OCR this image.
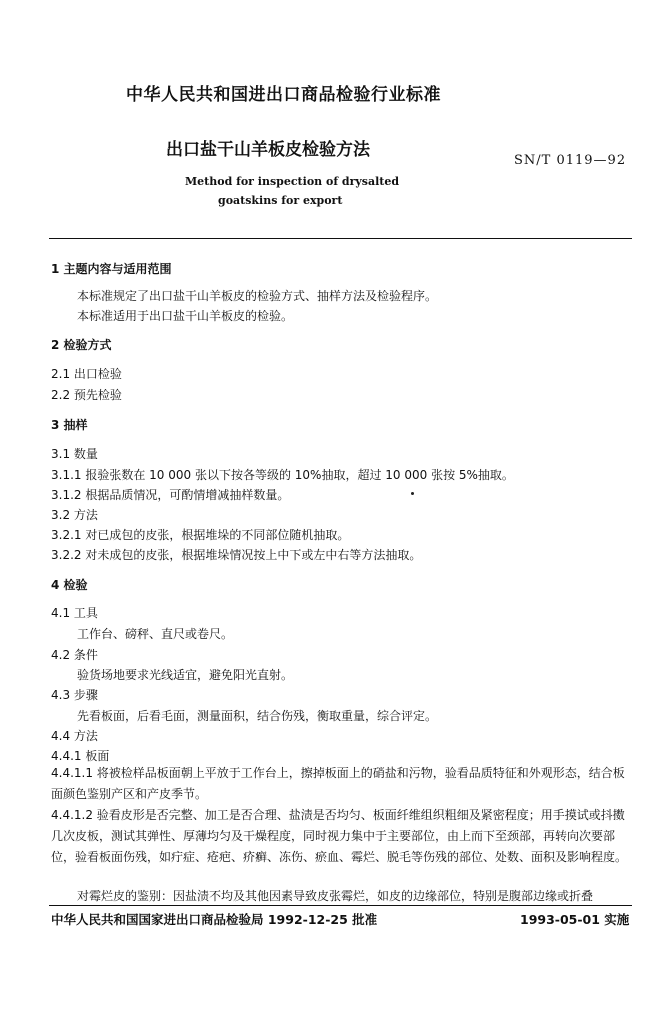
中华人民共和国进出口商品检验行业标准
出口盐干山羊板皮检验方法
SN/T 0119—92
Method for inspection of drysalted
goatskins for export
1 主题内容与适用范围
本标准规定了出口盐干山羊板皮的检验方式、抽样方法及检验程序。
本标准适用于出口盐干山羊板皮的检验。
2 检验方式
2.1 出口检验
2.2 预先检验
3 抽样
3.1 数量
3.1.1 报验张数在 10 000 张以下按各等级的 10%抽取，超过 10 000 张按 5%抽取。
3.1.2 根据品质情况，可酌情增减抽样数量。
3.2 方法
3.2.1 对已成包的皮张，根据堆垛的不同部位随机抽取。
3.2.2 对未成包的皮张，根据堆垛情况按上中下或左中右等方法抽取。
4 检验
4.1 工具
工作台、磅秤、直尺或卷尺。
4.2 条件
验货场地要求光线适宜，避免阳光直射。
4.3 步骤
先看板面，后看毛面，测量面积，结合伤残，衡取重量，综合评定。
4.4 方法
4.4.1 板面
4.4.1.1 将被检样品板面朝上平放于工作台上，擦掉板面上的硝盐和污物，验看品质特征和外观形态，结合板面颜色鉴别产区和产皮季节。
4.4.1.2 验看皮形是否完整、加工是否合理、盐渍是否均匀、板面纤维组织粗细及紧密程度；用手摸试或抖擞几次皮板，测试其弹性、厚薄均匀及干燥程度，同时视力集中于主要部位，由上而下至颈部，再转向次要部位，验看板面伤残，如疔症、疮疤、疥癣、冻伤、瘀血、霉烂、脱毛等伤残的部位、处数、面积及影响程度。
对霉烂皮的鉴别：因盐渍不均及其他因素导致皮张霉烂，如皮的边缘部位，特别是腹部边缘或折叠
中华人民共和国国家进出口商品检验局 1992-12-25 批准	1993-05-01 实施
